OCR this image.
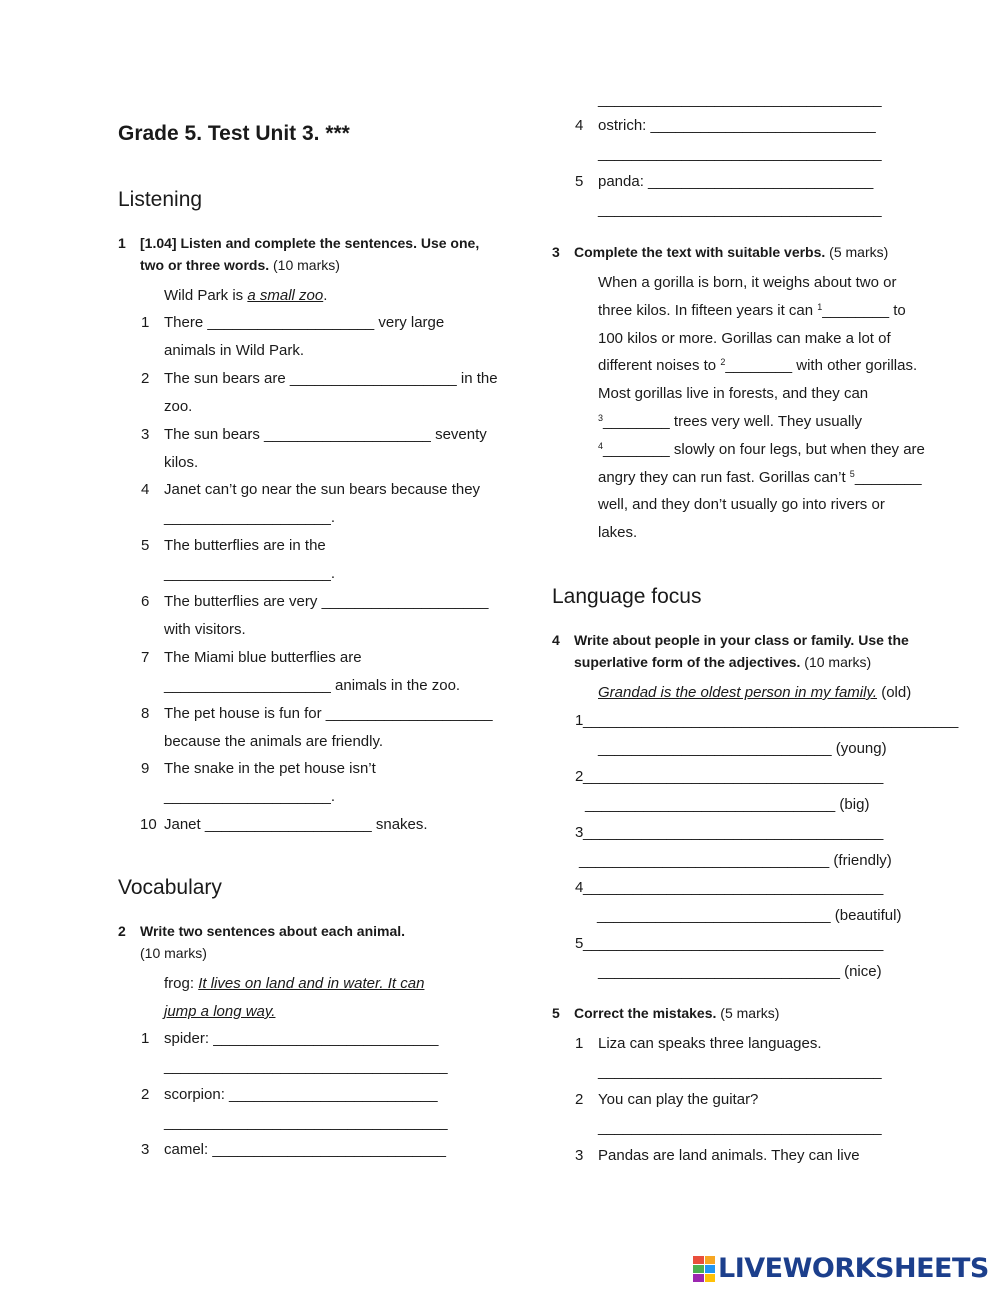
Grade 5. Test Unit 3. ***
Listening
1 [1.04] Listen and complete the sentences. Use one,
two or three words. (10 marks)
Wild Park is a small zoo.
1 There ____________________ very large
animals in Wild Park.
2 The sun bears are ____________________ in the
zoo.
3 The sun bears ____________________ seventy
kilos.
4 Janet can’t go near the sun bears because they
____________________.
5 The butterflies are in the
____________________.
6 The butterflies are very ____________________
with visitors.
7 The Miami blue butterflies are
____________________ animals in the zoo.
8 The pet house is fun for ____________________
because the animals are friendly.
9 The snake in the pet house isn’t
____________________.
10 Janet ____________________ snakes.
Vocabulary
2 Write two sentences about each animal.
(10 marks)
frog: It lives on land and in water. It can
jump a long way.
1 spider: ___________________________
__________________________________
2 scorpion: _________________________
__________________________________
3 camel: ____________________________
4 ostrich: ___________________________
__________________________________
5 panda: ___________________________
__________________________________
__________________________________
3 Complete the text with suitable verbs. (5 marks)
When a gorilla is born, it weighs about two or
three kilos. In fifteen years it can $^1$________ to
100 kilos or more. Gorillas can make a lot of
different noises to $^2$________ with other gorillas.
Most gorillas live in forests, and they can
$^3$________ trees very well. They usually
$^4$________ slowly on four legs, but when they are
angry they can run fast. Gorillas can’t $^5$________
well, and they don’t usually go into rivers or
lakes.
Language focus
4 Write about people in your class or family. Use the
superlative form of the adjectives. (10 marks)
Grandad is the oldest person in my family. (old)
1 _____________________________________________
____________________________ (young)
2 ____________________________________
______________________________ (big)
3 ____________________________________
______________________________ (friendly)
4 ____________________________________
____________________________ (beautiful)
5 ____________________________________
_____________________________ (nice)
5 Correct the mistakes. (5 marks)
1 Liza can speaks three languages.
__________________________________
2 You can play the guitar?
__________________________________
3 Pandas are land animals. They can live
LIVEWORKSHEETS
